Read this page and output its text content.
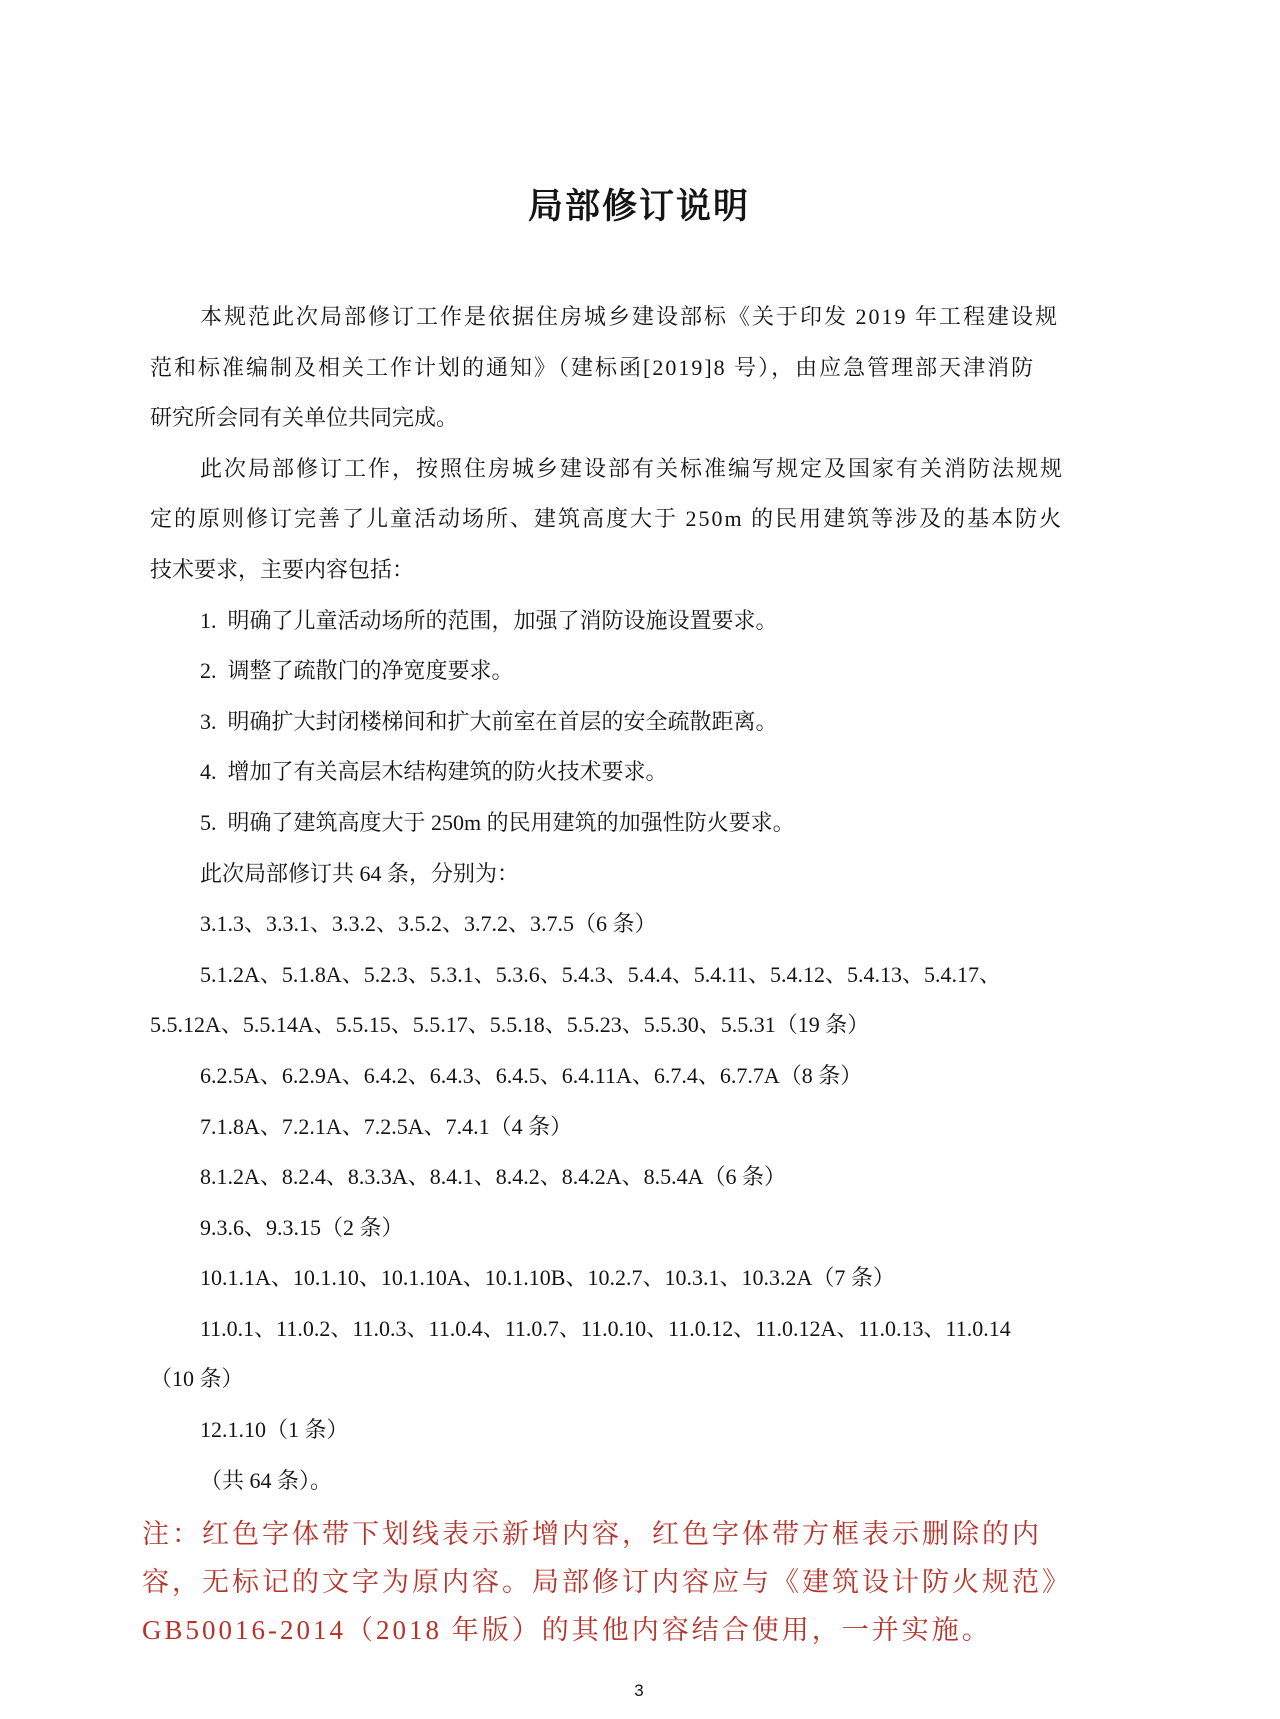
局部修订说明
本规范此次局部修订工作是依据住房城乡建设部标《关于印发 2019 年工程建设规
范和标准编制及相关工作计划的通知》（建标函[2019]8 号），由应急管理部天津消防
研究所会同有关单位共同完成。
此次局部修订工作，按照住房城乡建设部有关标准编写规定及国家有关消防法规规
定的原则修订完善了儿童活动场所、建筑高度大于 250m 的民用建筑等涉及的基本防火
技术要求，主要内容包括：
1. 明确了儿童活动场所的范围，加强了消防设施设置要求。
2. 调整了疏散门的净宽度要求。
3. 明确扩大封闭楼梯间和扩大前室在首层的安全疏散距离。
4. 增加了有关高层木结构建筑的防火技术要求。
5. 明确了建筑高度大于 250m 的民用建筑的加强性防火要求。
此次局部修订共 64 条，分别为：
3.1.3、3.3.1、3.3.2、3.5.2、3.7.2、3.7.5（6 条）
5.1.2A、5.1.8A、5.2.3、5.3.1、5.3.6、5.4.3、5.4.4、5.4.11、5.4.12、5.4.13、5.4.17、
5.5.12A、5.5.14A、5.5.15、5.5.17、5.5.18、5.5.23、5.5.30、5.5.31（19 条）
6.2.5A、6.2.9A、6.4.2、6.4.3、6.4.5、6.4.11A、6.7.4、6.7.7A（8 条）
7.1.8A、7.2.1A、7.2.5A、7.4.1（4 条）
8.1.2A、8.2.4、8.3.3A、8.4.1、8.4.2、8.4.2A、8.5.4A（6 条）
9.3.6、9.3.15（2 条）
10.1.1A、10.1.10、10.1.10A、10.1.10B、10.2.7、10.3.1、10.3.2A（7 条）
11.0.1、11.0.2、11.0.3、11.0.4、11.0.7、11.0.10、11.0.12、11.0.12A、11.0.13、11.0.14
（10 条）
12.1.10（1 条）
（共 64 条）。
注：红色字体带下划线表示新增内容，红色字体带方框表示删除的内
容，无标记的文字为原内容。局部修订内容应与《建筑设计防火规范》
GB50016-2014（2018 年版）的其他内容结合使用，一并实施。
3
